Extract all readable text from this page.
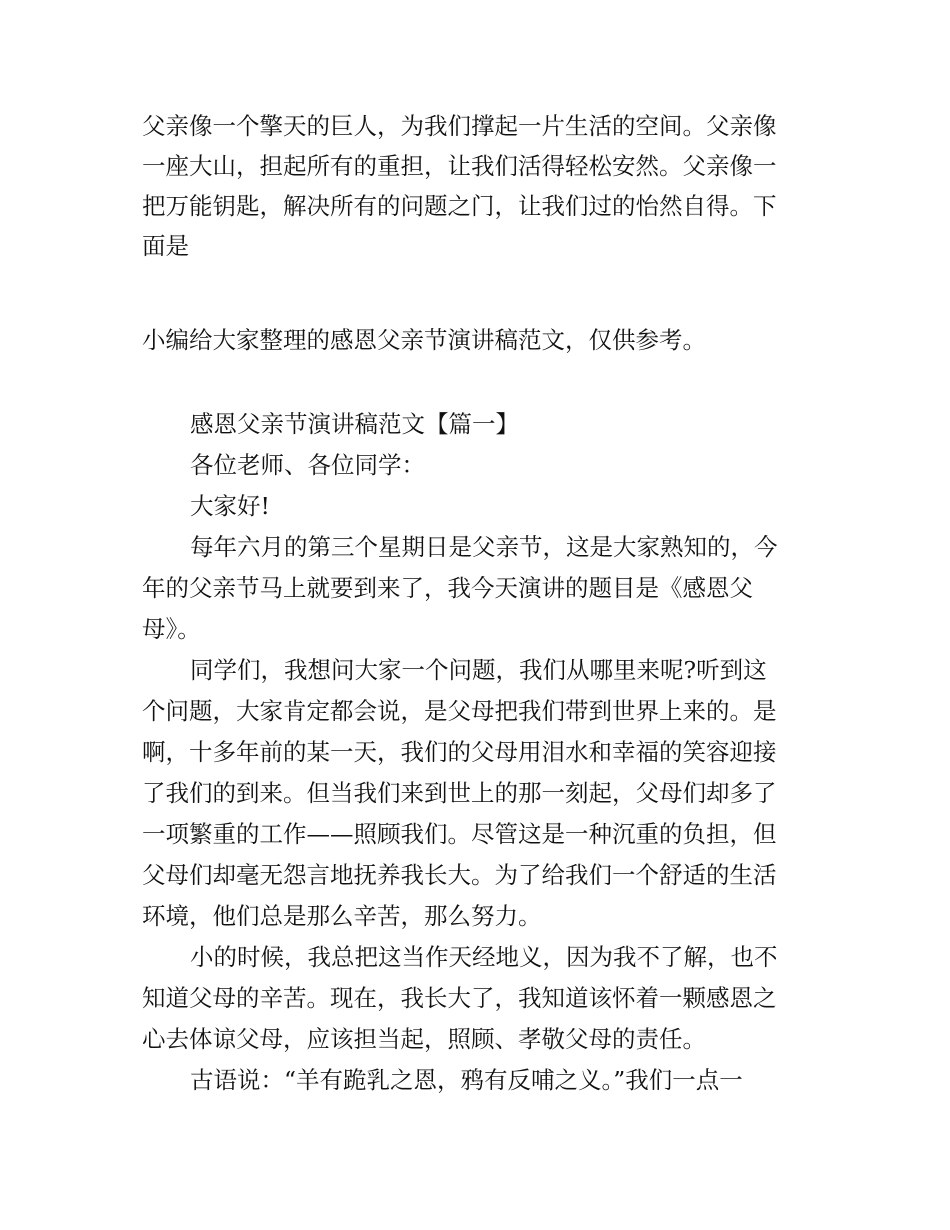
父亲像一个擎天的巨人，为我们撑起一片生活的空间。父亲像
一座大山，担起所有的重担，让我们活得轻松安然。父亲像一
把万能钥匙，解决所有的问题之门，让我们过的怡然自得。下
面是
小编给大家整理的感恩父亲节演讲稿范文，仅供参考。
感恩父亲节演讲稿范文【篇一】
各位老师、各位同学：
大家好!
每年六月的第三个星期日是父亲节，这是大家熟知的，今
年的父亲节马上就要到来了，我今天演讲的题目是《感恩父
母》。
同学们，我想问大家一个问题，我们从哪里来呢?听到这
个问题，大家肯定都会说，是父母把我们带到世界上来的。是
啊，十多年前的某一天，我们的父母用泪水和幸福的笑容迎接
了我们的到来。但当我们来到世上的那一刻起，父母们却多了
一项繁重的工作——照顾我们。尽管这是一种沉重的负担，但
父母们却毫无怨言地抚养我长大。为了给我们一个舒适的生活
环境，他们总是那么辛苦，那么努力。
小的时候，我总把这当作天经地义，因为我不了解，也不
知道父母的辛苦。现在，我长大了，我知道该怀着一颗感恩之
心去体谅父母，应该担当起，照顾、孝敬父母的责任。
古语说：“羊有跪乳之恩，鸦有反哺之义。”我们一点一
